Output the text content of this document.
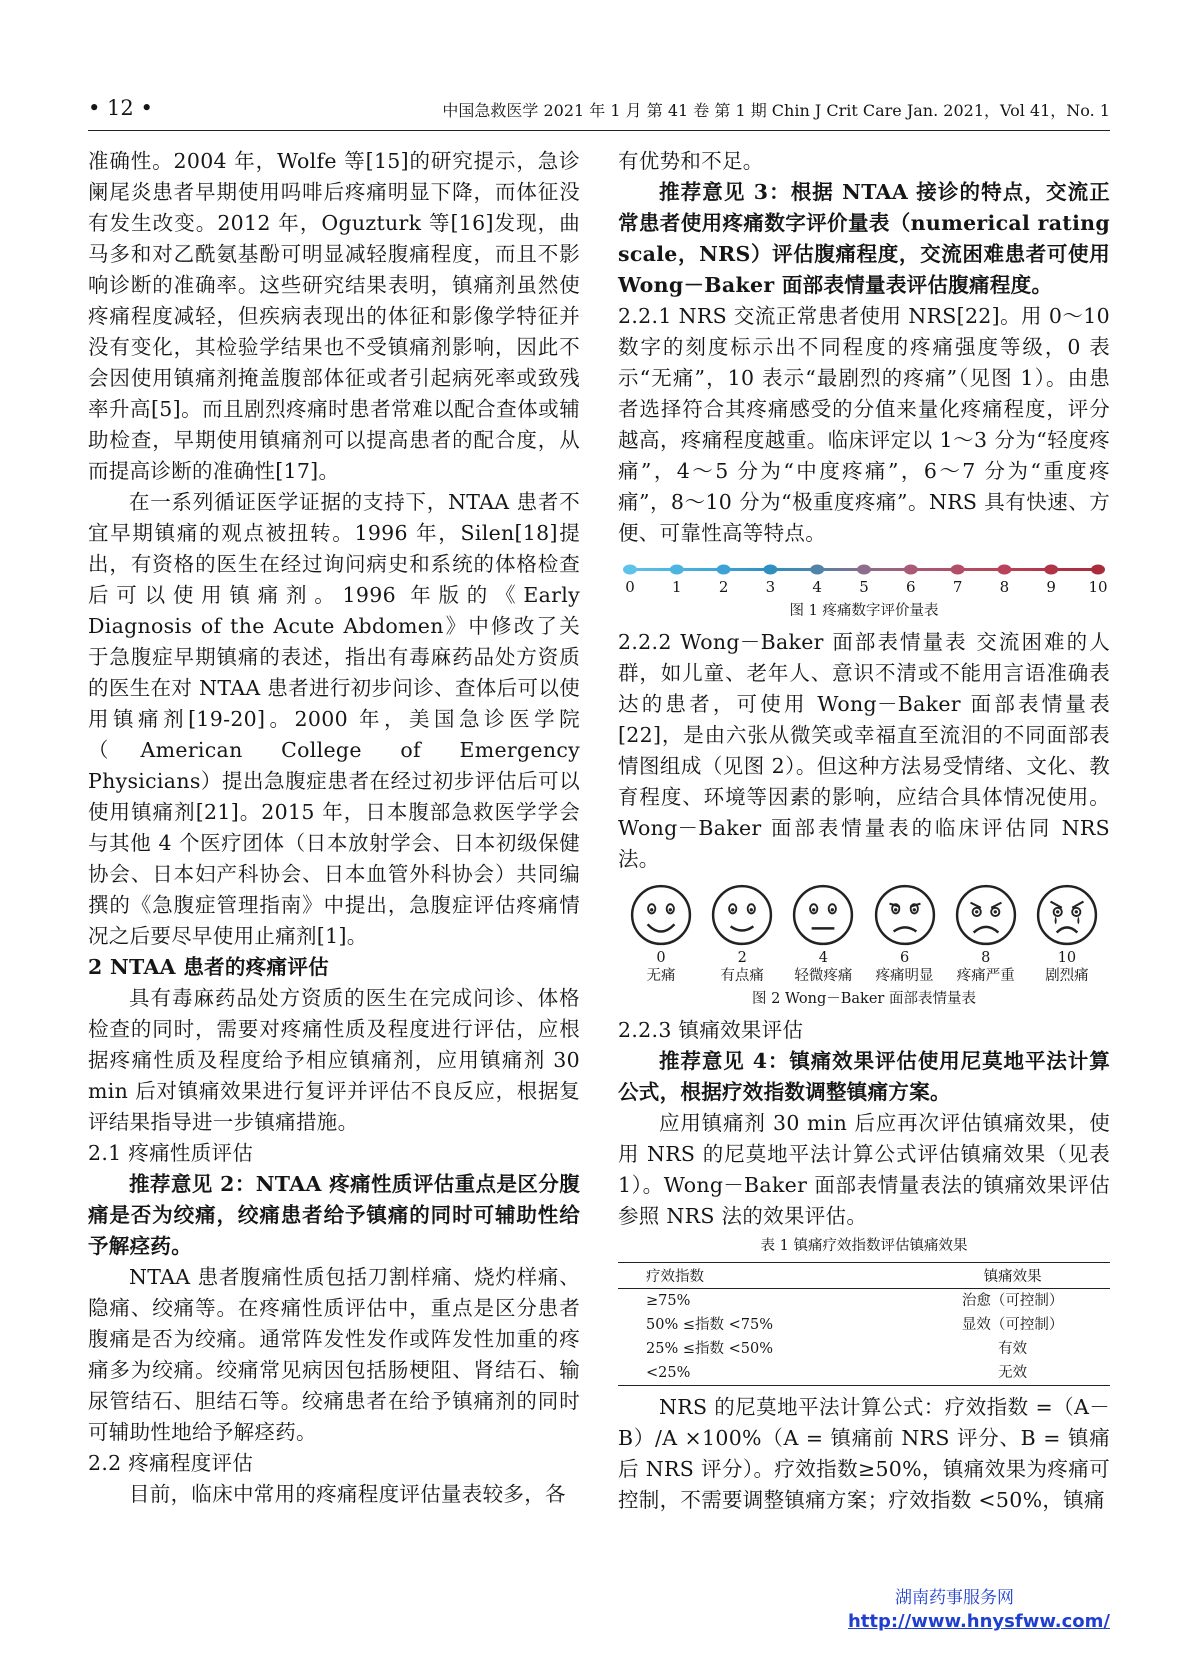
• 12 •	中国急救医学 2021 年 1 月 第 41 卷 第 1 期 Chin J Crit Care Jan. 2021，Vol 41，No. 1

准确性。2004 年，Wolfe 等[15]的研究提示，急诊阑尾炎患者早期使用吗啡后疼痛明显下降，而体征没有发生改变。2012 年，Oguzturk 等[16]发现，曲马多和对乙酰氨基酚可明显减轻腹痛程度，而且不影响诊断的准确率。这些研究结果表明，镇痛剂虽然使疼痛程度减轻，但疾病表现出的体征和影像学特征并没有变化，其检验学结果也不受镇痛剂影响，因此不会因使用镇痛剂掩盖腹部体征或者引起病死率或致残率升高[5]。而且剧烈疼痛时患者常难以配合查体或辅助检查，早期使用镇痛剂可以提高患者的配合度，从而提高诊断的准确性[17]。

在一系列循证医学证据的支持下，NTAA 患者不宜早期镇痛的观点被扭转。1996 年，Silen[18]提出，有资格的医生在经过询问病史和系统的体格检查后可以使用镇痛剂。1996 年版的《Early Diagnosis of the Acute Abdomen》中修改了关于急腹症早期镇痛的表述，指出有毒麻药品处方资质的医生在对 NTAA 患者进行初步问诊、查体后可以使用镇痛剂[19-20]。2000 年，美国急诊医学院（American College of Emergency Physicians）提出急腹症患者在经过初步评估后可以使用镇痛剂[21]。2015 年，日本腹部急救医学学会与其他 4 个医疗团体（日本放射学会、日本初级保健协会、日本妇产科协会、日本血管外科协会）共同编撰的《急腹症管理指南》中提出，急腹症评估疼痛情况之后要尽早使用止痛剂[1]。

2 NTAA 患者的疼痛评估

具有毒麻药品处方资质的医生在完成问诊、体格检查的同时，需要对疼痛性质及程度进行评估，应根据疼痛性质及程度给予相应镇痛剂，应用镇痛剂 30 min 后对镇痛效果进行复评并评估不良反应，根据复评结果指导进一步镇痛措施。

2.1 疼痛性质评估

推荐意见 2：NTAA 疼痛性质评估重点是区分腹痛是否为绞痛，绞痛患者给予镇痛的同时可辅助性给予解痉药。

NTAA 患者腹痛性质包括刀割样痛、烧灼样痛、隐痛、绞痛等。在疼痛性质评估中，重点是区分患者腹痛是否为绞痛。通常阵发性发作或阵发性加重的疼痛多为绞痛。绞痛常见病因包括肠梗阻、肾结石、输尿管结石、胆结石等。绞痛患者在给予镇痛剂的同时可辅助性地给予解痉药。

2.2 疼痛程度评估

目前，临床中常用的疼痛程度评估量表较多，各

有优势和不足。

推荐意见 3：根据 NTAA 接诊的特点，交流正常患者使用疼痛数字评价量表（numerical rating scale，NRS）评估腹痛程度，交流困难患者可使用 Wong－Baker 面部表情量表评估腹痛程度。

2.2.1 NRS 交流正常患者使用 NRS[22]。用 0～10 数字的刻度标示出不同程度的疼痛强度等级，0 表示“无痛”，10 表示“最剧烈的疼痛”（见图 1）。由患者选择符合其疼痛感受的分值来量化疼痛程度，评分越高，疼痛程度越重。临床评定以 1～3 分为“轻度疼痛”，4～5 分为“中度疼痛”，6～7 分为“重度疼痛”，8～10 分为“极重度疼痛”。NRS 具有快速、方便、可靠性高等特点。

0 1 2 3 4 5 6 7 8 9 10
图 1 疼痛数字评价量表

2.2.2 Wong－Baker 面部表情量表 交流困难的人群，如儿童、老年人、意识不清或不能用言语准确表达的患者，可使用 Wong－Baker 面部表情量表[22]，是由六张从微笑或幸福直至流泪的不同面部表情图组成（见图 2）。但这种方法易受情绪、文化、教育程度、环境等因素的影响，应结合具体情况使用。Wong－Baker 面部表情量表的临床评估同 NRS 法。

0
无痛
2
有点痛
4
轻微疼痛
6
疼痛明显
8
疼痛严重
10
剧烈痛
图 2 Wong－Baker 面部表情量表

2.2.3 镇痛效果评估

推荐意见 4：镇痛效果评估使用尼莫地平法计算公式，根据疗效指数调整镇痛方案。

应用镇痛剂 30 min 后应再次评估镇痛效果，使用 NRS 的尼莫地平法计算公式评估镇痛效果（见表 1）。Wong－Baker 面部表情量表法的镇痛效果评估参照 NRS 法的效果评估。

表 1 镇痛疗效指数评估镇痛效果
疗效指数	镇痛效果
≥75%	治愈（可控制）
50% ≤指数 <75%	显效（可控制）
25% ≤指数 <50%	有效
<25%	无效

NRS 的尼莫地平法计算公式：疗效指数 =（A－B）/A ×100%（A = 镇痛前 NRS 评分、B = 镇痛后 NRS 评分）。疗效指数≥50%，镇痛效果为疼痛可控制，不需要调整镇痛方案；疗效指数 <50%，镇痛

湖南药事服务网
http://www.hnysfww.com/
